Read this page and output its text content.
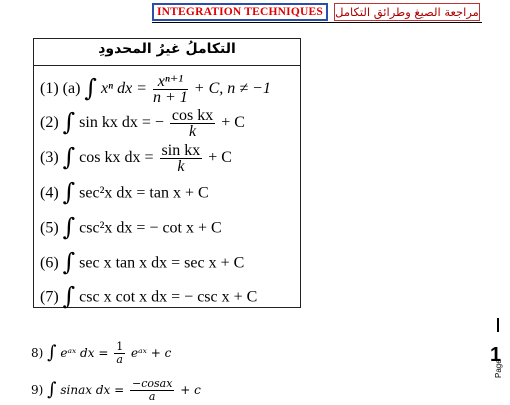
INTEGRATION TECHNIQUES	مراجعة الصيغ وطرائق التكامل
التكاملُ غيرُ المحدودِ
(1) (a) ∫ xⁿ dx = $\frac{\text{xⁿ⁺¹}}{n + 1} + C$, n ≠ −1
(2) ∫ sin kx dx = − $\frac{\text{cos kx}}{k} + C$
(3) ∫ cos kx dx = $\frac{\text{sin kx}}{k} + C$
(4) ∫ sec²x dx = tan x + C
(5) ∫ csc²x dx = − cot x + C
(6) ∫ sec x tan x dx = sec x + C
(7) ∫ csc x cot x dx = − csc x + C
8) ∫ eᵃˣ dx = $\frac{1}{a}$ eᵃˣ + c
9) ∫ sinax dx = $\frac{\text{−cosax}}{a} + c$
1
Page
